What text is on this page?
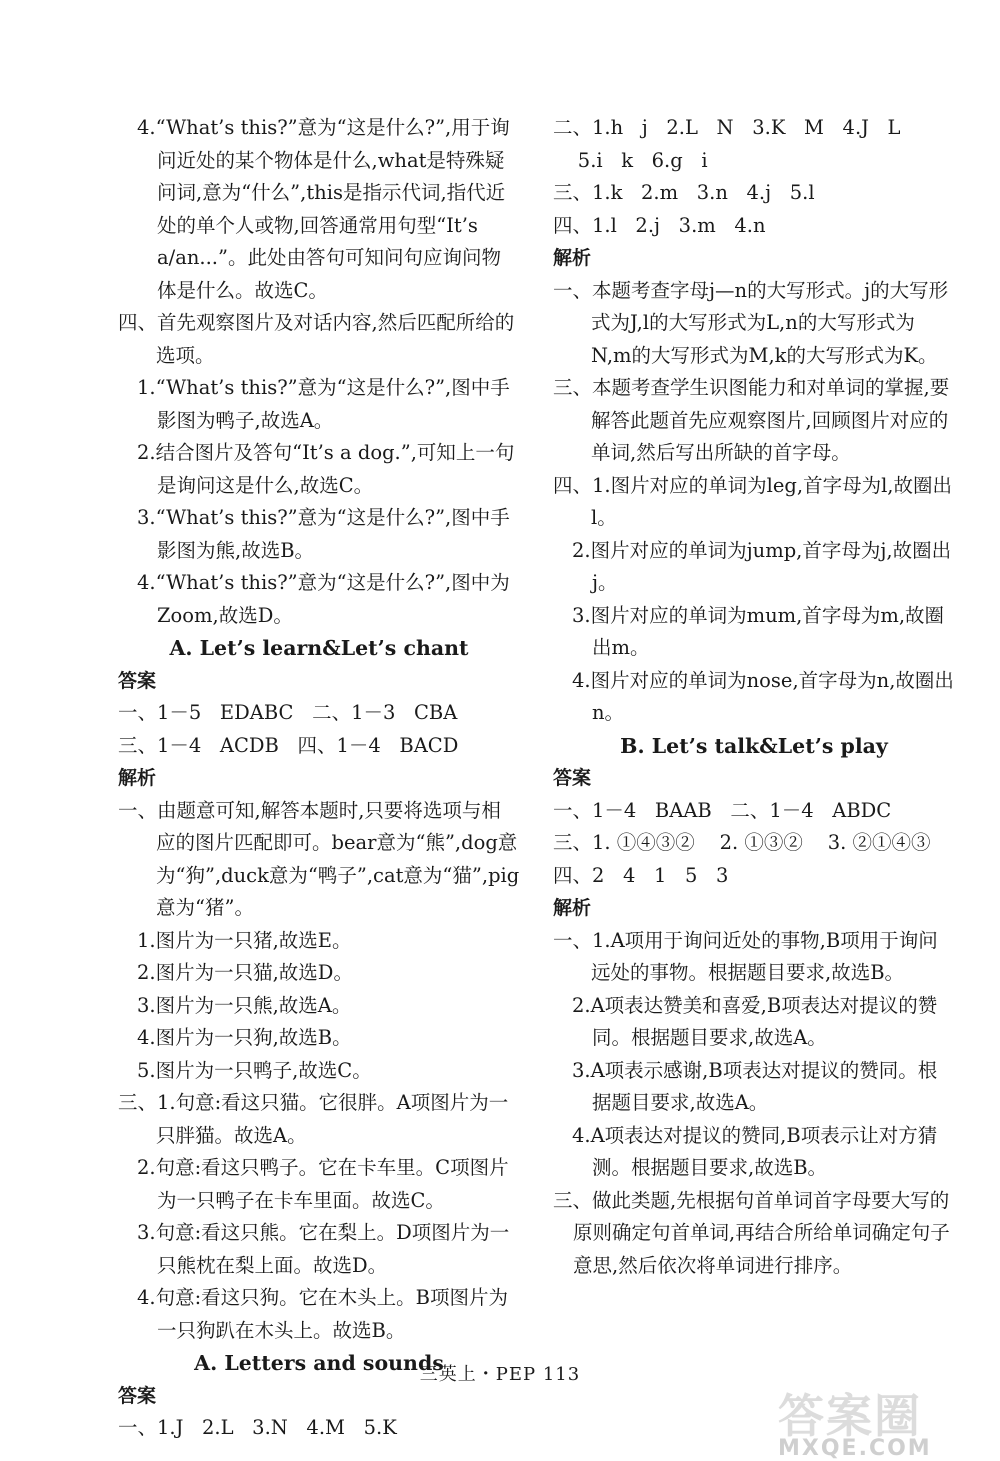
4.“What’s this?”意为“这是什么?”,用于询问近处的某个物体是什么,what是特殊疑问词,意为“什么”,this是指示代词,指代近处的单个人或物,回答通常用句型“It’s a/an...”。此处由答句可知问句应询问物体是什么。故选C。
四、首先观察图片及对话内容,然后匹配所给的选项。
1.“What’s this?”意为“这是什么?”,图中手影图为鸭子,故选A。
2.结合图片及答句“It’s a dog.”,可知上一句是询问这是什么,故选C。
3.“What’s this?”意为“这是什么?”,图中手影图为熊,故选B。
4.“What’s this?”意为“这是什么?”,图中为Zoom,故选D。
A. Let’s learn&Let’s chant
答案
一、1－5   EDABC   二、1－3   CBA
三、1－4   ACDB   四、1－4   BACD
解析
一、由题意可知,解答本题时,只要将选项与相应的图片匹配即可。bear意为“熊”,dog意为“狗”,duck意为“鸭子”,cat意为“猫”,pig意为“猪”。
1.图片为一只猪,故选E。
2.图片为一只猫,故选D。
3.图片为一只熊,故选A。
4.图片为一只狗,故选B。
5.图片为一只鸭子,故选C。
三、1.句意:看这只猫。它很胖。A项图片为一只胖猫。故选A。
2.句意:看这只鸭子。它在卡车里。C项图片为一只鸭子在卡车里面。故选C。
3.句意:看这只熊。它在梨上。D项图片为一只熊枕在梨上面。故选D。
4.句意:看这只狗。它在木头上。B项图片为一只狗趴在木头上。故选B。
A. Letters and sounds
答案
一、1.J   2.L   3.N   4.M   5.K
二、1.h   j   2.L   N   3.K   M   4.J   L
5.i   k   6.g   i
三、1.k   2.m   3.n   4.j   5.l
四、1.l   2.j   3.m   4.n
解析
一、本题考查字母j—n的大写形式。j的大写形式为J,l的大写形式为L,n的大写形式为N,m的大写形式为M,k的大写形式为K。
三、本题考查学生识图能力和对单词的掌握,要解答此题首先应观察图片,回顾图片对应的单词,然后写出所缺的首字母。
四、1.图片对应的单词为leg,首字母为l,故圈出l。
2.图片对应的单词为jump,首字母为j,故圈出j。
3.图片对应的单词为mum,首字母为m,故圈出m。
4.图片对应的单词为nose,首字母为n,故圈出n。
B. Let’s talk&Let’s play
答案
一、1－4   BAAB   二、1－4   ABDC
三、1. ①④③②    2. ①③②    3. ②①④③
四、2   4   1   5   3
解析
一、1.A项用于询问近处的事物,B项用于询问远处的事物。根据题目要求,故选B。
2.A项表达赞美和喜爱,B项表达对提议的赞同。根据题目要求,故选A。
3.A项表示感谢,B项表达对提议的赞同。根据题目要求,故选A。
4.A项表达对提议的赞同,B项表示让对方猜测。根据题目要求,故选B。
三、做此类题,先根据句首单词首字母要大写的原则确定句首单词,再结合所给单词确定句子意思,然后依次将单词进行排序。
三英上・PEP 113
答案圈
MXQE.COM
